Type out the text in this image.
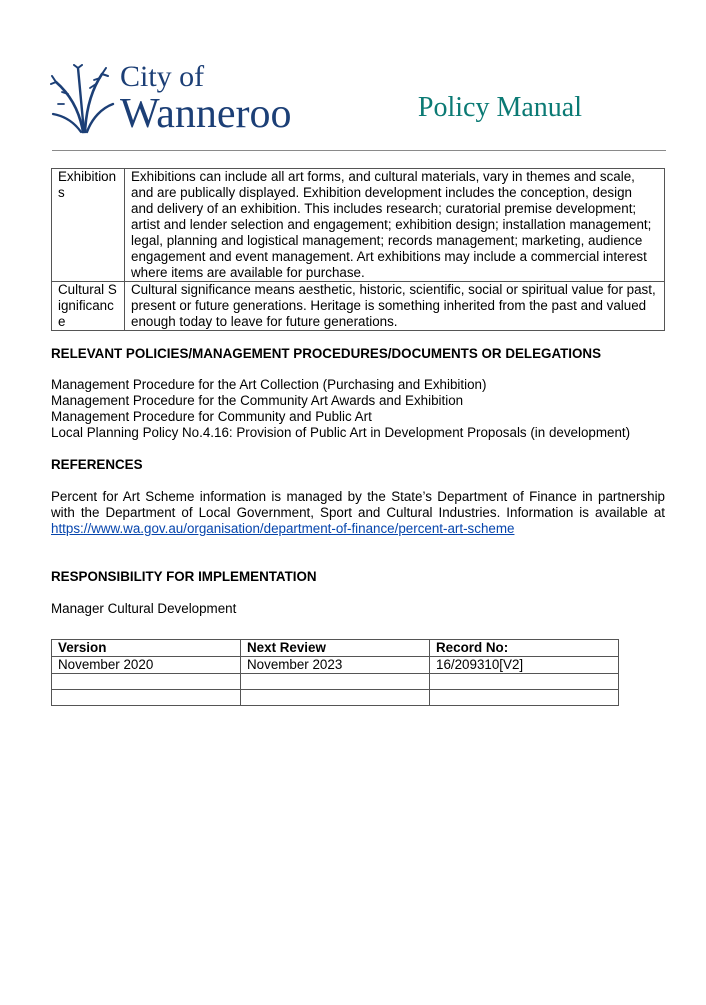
City of
Wanneroo	Policy Manual
Exhibitions	Exhibitions can include all art forms, and cultural materials, vary in themes and scale, and are publically displayed. Exhibition development includes the conception, design and delivery of an exhibition. This includes research; curatorial premise development; artist and lender selection and engagement; exhibition design; installation management; legal, planning and logistical management; records management; marketing, audience engagement and event management. Art exhibitions may include a commercial interest where items are available for purchase.
Cultural Significance	Cultural significance means aesthetic, historic, scientific, social or spiritual value for past, present or future generations. Heritage is something inherited from the past and valued enough today to leave for future generations.
RELEVANT POLICIES/MANAGEMENT PROCEDURES/DOCUMENTS OR DELEGATIONS
Management Procedure for the Art Collection (Purchasing and Exhibition)
Management Procedure for the Community Art Awards and Exhibition
Management Procedure for Community and Public Art
Local Planning Policy No.4.16: Provision of Public Art in Development Proposals (in development)
REFERENCES
Percent for Art Scheme information is managed by the State’s Department of Finance in partnership with the Department of Local Government, Sport and Cultural Industries. Information is available at https://www.wa.gov.au/organisation/department-of-finance/percent-art-scheme
RESPONSIBILITY FOR IMPLEMENTATION
Manager Cultural Development
Version	Next Review	Record No:
November 2020	November 2023	16/209310[V2]
